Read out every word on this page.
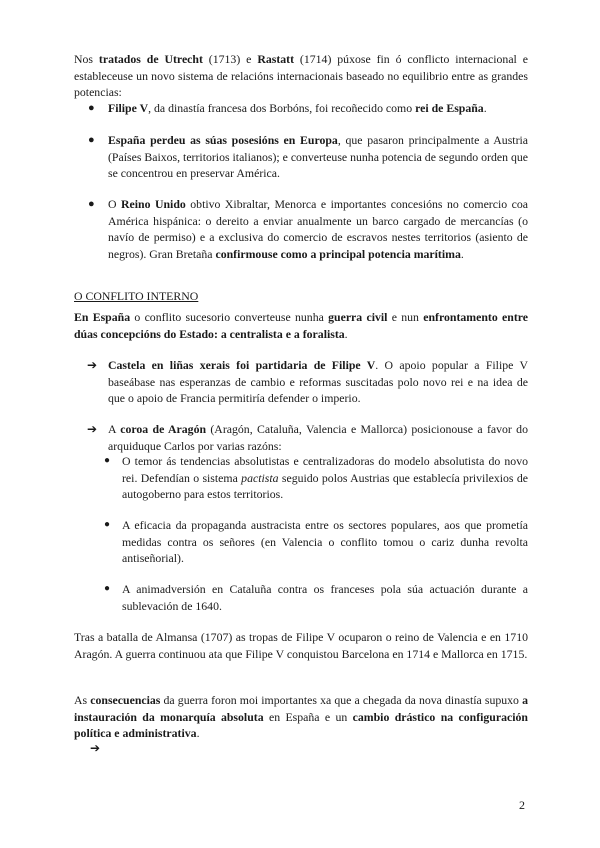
Nos tratados de Utrecht (1713) e Rastatt (1714) púxose fin ó conflicto internacional e estableceuse un novo sistema de relacións internacionais baseado no equilibrio entre as grandes potencias:

● Filipe V, da dinastía francesa dos Borbóns, foi recoñecido como rei de España.

● España perdeu as súas posesións en Europa, que pasaron principalmente a Austria (Países Baixos, territorios italianos); e converteuse nunha potencia de segundo orden que se concentrou en preservar América.

● O Reino Unido obtivo Xibraltar, Menorca e importantes concesións no comercio coa América hispánica: o dereito a enviar anualmente un barco cargado de mercancías (o navío de permiso) e a exclusiva do comercio de escravos nestes territorios (asiento de negros). Gran Bretaña confirmouse como a principal potencia marítima.

O CONFLITO INTERNO

En España o conflito sucesorio converteuse nunha guerra civil e nun enfrontamento entre dúas concepcións do Estado: a centralista e a foralista.

➔ Castela en liñas xerais foi partidaria de Filipe V. O apoio popular a Filipe V baseábase nas esperanzas de cambio e reformas suscitadas polo novo rei e na idea de que o apoio de Francia permitiría defender o imperio.

➔ A coroa de Aragón (Aragón, Cataluña, Valencia e Mallorca) posicionouse a favor do arquiduque Carlos por varias razóns:

● O temor ás tendencias absolutistas e centralizadoras do modelo absolutista do novo rei. Defendían o sistema pactista seguido polos Austrias que establecía privilexios de autogoberno para estos territorios.

● A eficacia da propaganda austracista entre os sectores populares, aos que prometía medidas contra os señores (en Valencia o conflito tomou o cariz dunha revolta antiseñorial).

● A animadversión en Cataluña contra os franceses pola súa actuación durante a sublevación de 1640.

Tras a batalla de Almansa (1707) as tropas de Filipe V ocuparon o reino de Valencia e en 1710 Aragón. A guerra continuou ata que Filipe V conquistou Barcelona en 1714 e Mallorca en 1715.

As consecuencias da guerra foron moi importantes xa que a chegada da nova dinastía supuxo a instauración da monarquía absoluta en España e un cambio drástico na configuración política e administrativa.

➔
2
